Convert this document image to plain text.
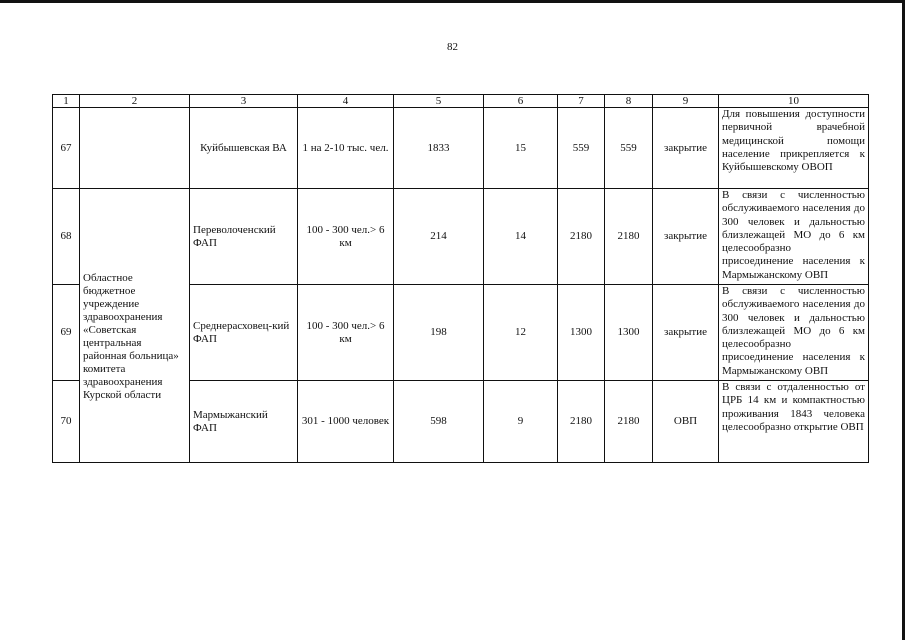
82
1	2	3	4	5	6	7	8	9	10
67		Куйбышевская ВА	1 на 2-10 тыс. чел.	1833	15	559	559	закрытие	Для повышения доступности первичной врачебной медицинской помощи население прикрепляется к Куйбышевскому ОВОП

68	Областное бюджетное учреждение здравоохранения «Советская центральная районная больница» комитета здравоохранения Курской области	Переволоченский ФАП	100 - 300 чел.> 6 км	214	14	2180	2180	закрытие	В связи с численностью обслуживаемого населения до 300 человек и дальностью близлежащей МО до 6 км целесообразно присоединение населения к Мармыжанскому ОВП

69		Среднерасховец-кий ФАП	100 - 300 чел.> 6 км	198	12	1300	1300	закрытие	В связи с численностью обслуживаемого населения до 300 человек и дальностью близлежащей МО до 6 км целесообразно присоединение населения к Мармыжанскому ОВП

70		Мармыжанский ФАП	301 - 1000 человек	598	9	2180	2180	ОВП	В связи с отдаленностью от ЦРБ 14 км и компактностью проживания 1843 человека целесообразно открытие ОВП
